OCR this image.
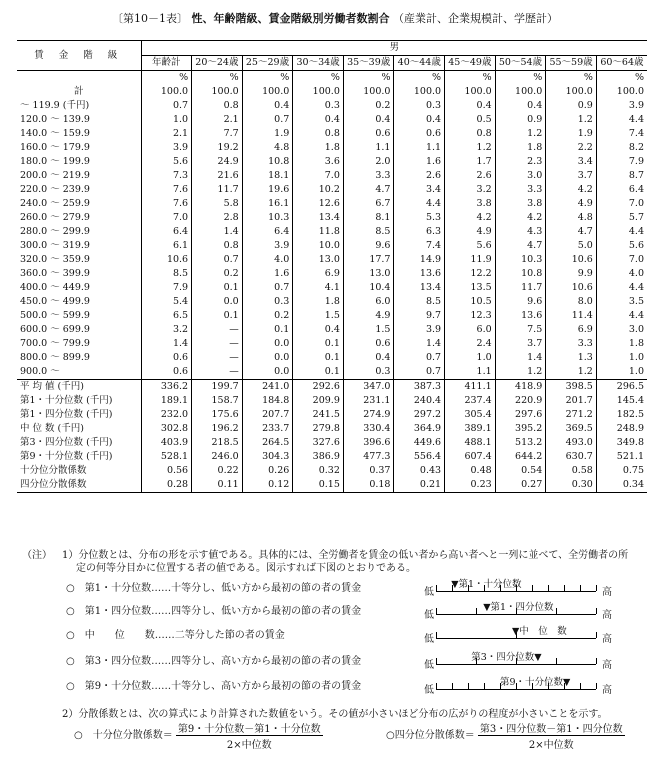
〔第10－1表〕 性、年齢階級、賃金階級別労働者数割合 （産業計、企業規模計、学歴計）
賃 金 階 級	男									
	年齢計	20～24歳	25～29歳	30～34歳	35～39歳	40～44歳	45～49歳	50～54歳	55～59歳	60～64歳
	%	%	%	%	%	%	%	%	%	%
計	100.0	100.0	100.0	100.0	100.0	100.0	100.0	100.0	100.0	100.0
～ 119.9 (千円)	0.7	0.8	0.4	0.3	0.2	0.3	0.4	0.4	0.9	3.9
120.0 ～ 139.9	1.0	2.1	0.7	0.4	0.4	0.4	0.5	0.9	1.2	4.4
140.0 ～ 159.9	2.1	7.7	1.9	0.8	0.6	0.6	0.8	1.2	1.9	7.4
160.0 ～ 179.9	3.9	19.2	4.8	1.8	1.1	1.1	1.2	1.8	2.2	8.2
180.0 ～ 199.9	5.6	24.9	10.8	3.6	2.0	1.6	1.7	2.3	3.4	7.9
200.0 ～ 219.9	7.3	21.6	18.1	7.0	3.3	2.6	2.6	3.0	3.7	8.7
220.0 ～ 239.9	7.6	11.7	19.6	10.2	4.7	3.4	3.2	3.3	4.2	6.4
240.0 ～ 259.9	7.6	5.8	16.1	12.6	6.7	4.4	3.8	3.8	4.9	7.0
260.0 ～ 279.9	7.0	2.8	10.3	13.4	8.1	5.3	4.2	4.2	4.8	5.7
280.0 ～ 299.9	6.4	1.4	6.4	11.8	8.5	6.3	4.9	4.3	4.7	4.4
300.0 ～ 319.9	6.1	0.8	3.9	10.0	9.6	7.4	5.6	4.7	5.0	5.6
320.0 ～ 359.9	10.6	0.7	4.0	13.0	17.7	14.9	11.9	10.3	10.6	7.0
360.0 ～ 399.9	8.5	0.2	1.6	6.9	13.0	13.6	12.2	10.8	9.9	4.0
400.0 ～ 449.9	7.9	0.1	0.7	4.1	10.4	13.4	13.5	11.7	10.6	4.4
450.0 ～ 499.9	5.4	0.0	0.3	1.8	6.0	8.5	10.5	9.6	8.0	3.5
500.0 ～ 599.9	6.5	0.1	0.2	1.5	4.9	9.7	12.3	13.6	11.4	4.4
600.0 ～ 699.9	3.2	—	0.1	0.4	1.5	3.9	6.0	7.5	6.9	3.0
700.0 ～ 799.9	1.4	—	0.0	0.1	0.6	1.4	2.4	3.7	3.3	1.8
800.0 ～ 899.9	0.6	—	0.0	0.1	0.4	0.7	1.0	1.4	1.3	1.0
900.0 ～	0.6	—	0.0	0.1	0.3	0.7	1.1	1.2	1.2	1.0
平 均 値 (千円)	336.2	199.7	241.0	292.6	347.0	387.3	411.1	418.9	398.5	296.5
第1・十分位数 (千円)	189.1	158.7	184.8	209.9	231.1	240.4	237.4	220.9	201.7	145.4
第1・四分位数 (千円)	232.0	175.6	207.7	241.5	274.9	297.2	305.4	297.6	271.2	182.5
中 位 数 (千円)	302.8	196.2	233.7	279.8	330.4	364.9	389.1	395.2	369.5	248.9
第3・四分位数 (千円)	403.9	218.5	264.5	327.6	396.6	449.6	488.1	513.2	493.0	349.8
第9・十分位数 (千円)	528.1	246.0	304.3	386.9	477.3	556.4	607.4	644.2	630.7	521.1
十分位分散係数	0.56	0.22	0.26	0.32	0.37	0.43	0.48	0.54	0.58	0.75
四分位分散係数	0.28	0.11	0.12	0.15	0.18	0.21	0.23	0.27	0.30	0.34
（注） 1）分位数とは、分布の形を示す値である。具体的には、全労働者を賃金の低い者から高い者へと一列に並べて、全労働者の所
定の何等分目かに位置する者の値である。図示すれば下図のとおりである。
○　第1・十分位数……十等分し、低い方から最初の節の者の賃金
○　第1・四分位数……四等分し、低い方から最初の節の者の賃金
○　中　　位　　数……二等分した節の者の賃金
○　第3・四分位数……四等分し、高い方から最初の節の者の賃金
○　第9・十分位数……十等分し、高い方から最初の節の者の賃金
低	高
▼第1・十分位数
低	高
▼第1・四分位数
低	高
▼中　位　数
低	高
第3・四分位数▼
低	高
第9・十分位数▼
2）分散係数とは、次の算式により計算された数値をいう。その値が小さいほど分布の広がりの程度が小さいことを示す。
○　十分位分散係数＝ $\frac{\text{第9・十分位数－第1・十分位数}}{\text{2×中位数}}$	○四分位分散係数＝ $\frac{\text{第3・四分位数－第1・四分位数}}{\text{2×中位数}}$
